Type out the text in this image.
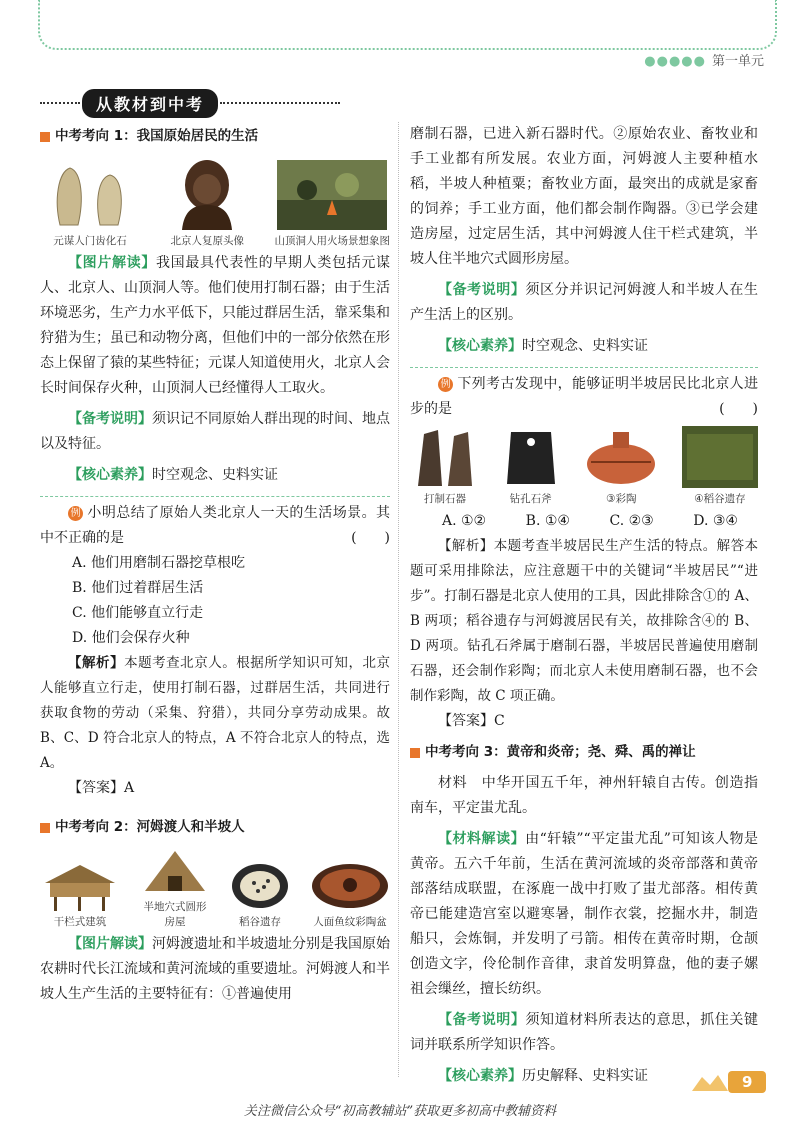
●●●●● 第一单元
从教材到中考
中考考向 1：我国原始居民的生活
元谋人门齿化石	北京人复原头像	山顶洞人用火场景想象图

【图片解读】我国最具代表性的早期人类包括元谋人、北京人、山顶洞人等。他们使用打制石器；由于生活环境恶劣，生产力水平低下，只能过群居生活，靠采集和狩猎为生；虽已和动物分离，但他们中的一部分依然在形态上保留了猿的某些特征；元谋人知道使用火，北京人会长时间保存火种，山顶洞人已经懂得人工取火。

【备考说明】须识记不同原始人群出现的时间、地点以及特征。

【核心素养】时空观念、史料实证

例 小明总结了原始人类北京人一天的生活场景。其中不正确的是	(　　)

A. 他们用磨制石器挖草根吃

B. 他们过着群居生活

C. 他们能够直立行走

D. 他们会保存火种

【解析】本题考查北京人。根据所学知识可知，北京人能够直立行走，使用打制石器，过群居生活，共同进行获取食物的劳动（采集、狩猎），共同分享劳动成果。故 B、C、D 符合北京人的特点，A 不符合北京人的特点，选 A。

【答案】A

中考考向 2：河姆渡人和半坡人
干栏式建筑
半地穴式圆形房屋	稻谷遗存	人面鱼纹彩陶盆

【图片解读】河姆渡遗址和半坡遗址分别是我国原始农耕时代长江流域和黄河流域的重要遗址。河姆渡人和半坡人生产生活的主要特征有：①普遍使用

磨制石器，已进入新石器时代。②原始农业、畜牧业和手工业都有所发展。农业方面，河姆渡人主要种植水稻，半坡人种植粟；畜牧业方面，最突出的成就是家畜的饲养；手工业方面，他们都会制作陶器。③已学会建造房屋，过定居生活，其中河姆渡人住干栏式建筑，半坡人住半地穴式圆形房屋。

【备考说明】须区分并识记河姆渡人和半坡人在生产生活上的区别。

【核心素养】时空观念、史料实证

例 下列考古发现中，能够证明半坡居民比北京人进步的是	(　　)

打制石器	钻孔石斧	③彩陶	④稻谷遗存
A. ①②	B. ①④	C. ②③	D. ③④

【解析】本题考查半坡居民生产生活的特点。解答本题可采用排除法，应注意题干中的关键词“半坡居民”“进步”。打制石器是北京人使用的工具，因此排除含①的 A、B 两项；稻谷遗存与河姆渡居民有关，故排除含④的 B、D 两项。钻孔石斧属于磨制石器，半坡居民普遍使用磨制石器，还会制作彩陶；而北京人未使用磨制石器，也不会制作彩陶，故 C 项正确。

【答案】C

中考考向 3：黄帝和炎帝；尧、舜、禹的禅让

材料　 中华开国五千年，神州轩辕自古传。创造指南车，平定蚩尤乱。

【材料解读】由“轩辕”“平定蚩尤乱”可知该人物是黄帝。五六千年前，生活在黄河流域的炎帝部落和黄帝部落结成联盟，在涿鹿一战中打败了蚩尤部落。相传黄帝已能建造宫室以避寒暑，制作衣裳，挖掘水井，制造船只，会炼铜，并发明了弓箭。相传在黄帝时期，仓颉创造文字，伶伦制作音律，隶首发明算盘，他的妻子嫘祖会缫丝，擅长纺织。

【备考说明】须知道材料所表达的意思，抓住关键词并联系所学知识作答。

【核心素养】历史解释、史料实证	9
关注微信公众号“初高教辅站”获取更多初高中教辅资料
